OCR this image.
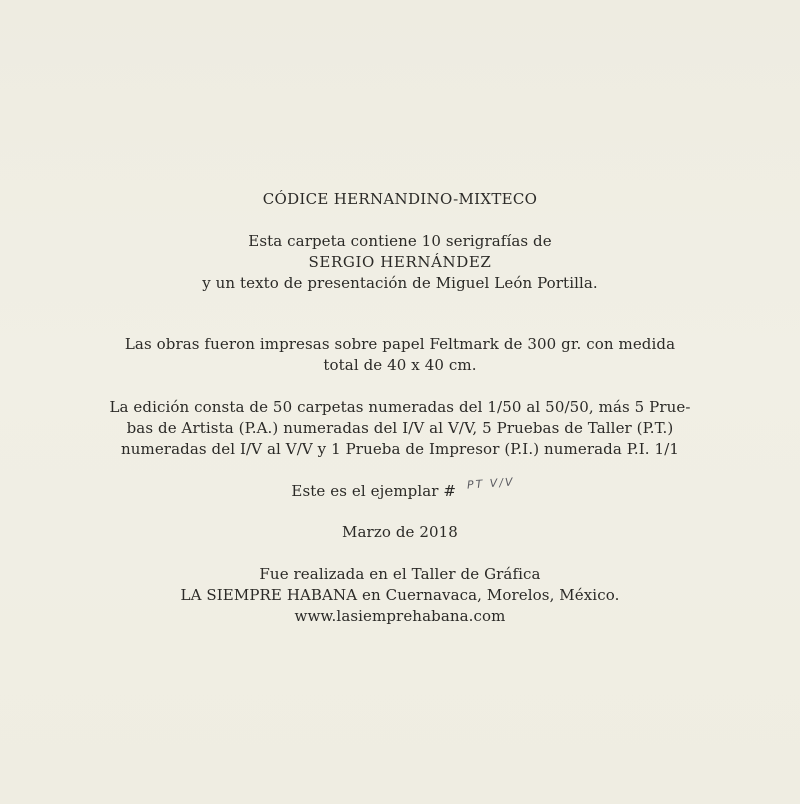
CÓDICE HERNANDINO-MIXTECO
Esta carpeta contiene 10 serigrafías de
SERGIO HERNÁNDEZ
y un texto de presentación de Miguel León Portilla.
Las obras fueron impresas sobre papel Feltmark de 300 gr. con medida
total de 40 x 40 cm.
La edición consta de 50 carpetas numeradas del 1/50 al 50/50, más 5 Prue-
bas de Artista (P.A.) numeradas del I/V al V/V, 5 Pruebas de Taller (P.T.)
numeradas del I/V al V/V y 1 Prueba de Impresor (P.I.) numerada P.I. 1/1
Este es el ejemplar # PT V/V
Marzo de 2018
Fue realizada en el Taller de Gráfica
LA SIEMPRE HABANA en Cuernavaca, Morelos, México.
www.lasiemprehabana.com
